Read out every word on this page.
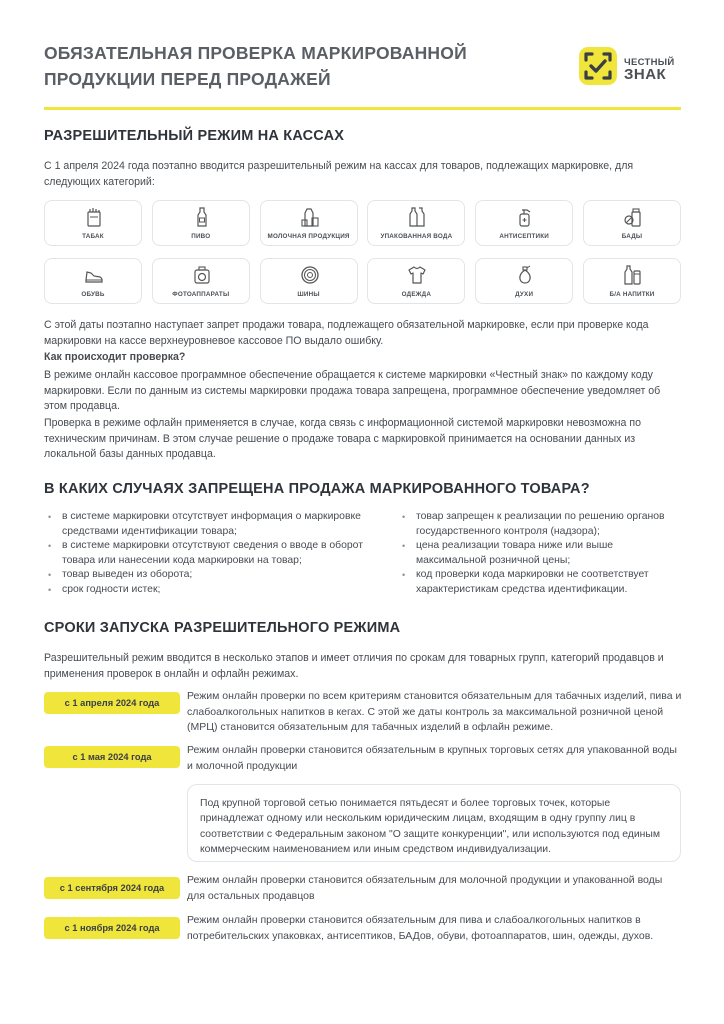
ОБЯЗАТЕЛЬНАЯ ПРОВЕРКА МАРКИРОВАННОЙ ПРОДУКЦИИ ПЕРЕД ПРОДАЖЕЙ
ЧЕСТНЫЙ
ЗНАК
РАЗРЕШИТЕЛЬНЫЙ РЕЖИМ НА КАССАХ
С 1 апреля 2024 года поэтапно вводится разрешительный режим на кассах для товаров, подлежащих маркировке, для следующих категорий:
ТАБАК	ПИВО	МОЛОЧНАЯ ПРОДУКЦИЯ	УПАКОВАННАЯ ВОДА	АНТИСЕПТИКИ	БАДЫ
ОБУВЬ	ФОТОАППАРАТЫ	ШИНЫ	ОДЕЖДА	ДУХИ	Б/А НАПИТКИ
С этой даты поэтапно наступает запрет продажи товара, подлежащего обязательной маркировке, если при проверке кода маркировки на кассе верхнеуровневое кассовое ПО выдало ошибку.
Как происходит проверка?
В режиме онлайн кассовое программное обеспечение обращается к системе маркировки «Честный знак» по каждому коду маркировки. Если по данным из системы маркировки продажа товара запрещена, программное обеспечение уведомляет об этом продавца.
Проверка в режиме офлайн применяется в случае, когда связь с информационной системой маркировки невозможна по техническим причинам. В этом случае решение о продаже товара с маркировкой принимается на основании данных из локальной базы данных продавца.
В КАКИХ СЛУЧАЯХ ЗАПРЕЩЕНА ПРОДАЖА МАРКИРОВАННОГО ТОВАРА?
• в системе маркировки отсутствует информация о маркировке средствами идентификации товара;
• в системе маркировки отсутствуют сведения о вводе в оборот товара или нанесении кода маркировки на товар;
• товар выведен из оборота;
• срок годности истек;
• товар запрещен к реализации по решению органов государственного контроля (надзора);
• цена реализации товара ниже или выше максимальной розничной цены;
• код проверки кода маркировки не соответствует характеристикам средства идентификации.
СРОКИ ЗАПУСКА РАЗРЕШИТЕЛЬНОГО РЕЖИМА
Разрешительный режим вводится в несколько этапов и имеет отличия по срокам для товарных групп, категорий продавцов и применения проверок в онлайн и офлайн режимах.
с 1 апреля 2024 года
Режим онлайн проверки по всем критериям становится обязательным для табачных изделий, пива и слабоалкогольных напитков в кегах. С этой же даты контроль за максимальной розничной ценой (МРЦ) становится обязательным для табачных изделий в офлайн режиме.
с 1 мая 2024 года
Режим онлайн проверки становится обязательным в крупных торговых сетях для упакованной воды и молочной продукции
Под крупной торговой сетью понимается пятьдесят и более торговых точек, которые принадлежат одному или нескольким юридическим лицам, входящим в одну группу лиц в соответствии с Федеральным законом "О защите конкуренции", или используются под единым коммерческим наименованием или иным средством индивидуализации.
с 1 сентября 2024 года
Режим онлайн проверки становится обязательным для молочной продукции и упакованной воды для остальных продавцов
с 1 ноября 2024 года
Режим онлайн проверки становится обязательным для пива и слабоалкогольных напитков в потребительских упаковках, антисептиков, БАДов, обуви, фотоаппаратов, шин, одежды, духов.
